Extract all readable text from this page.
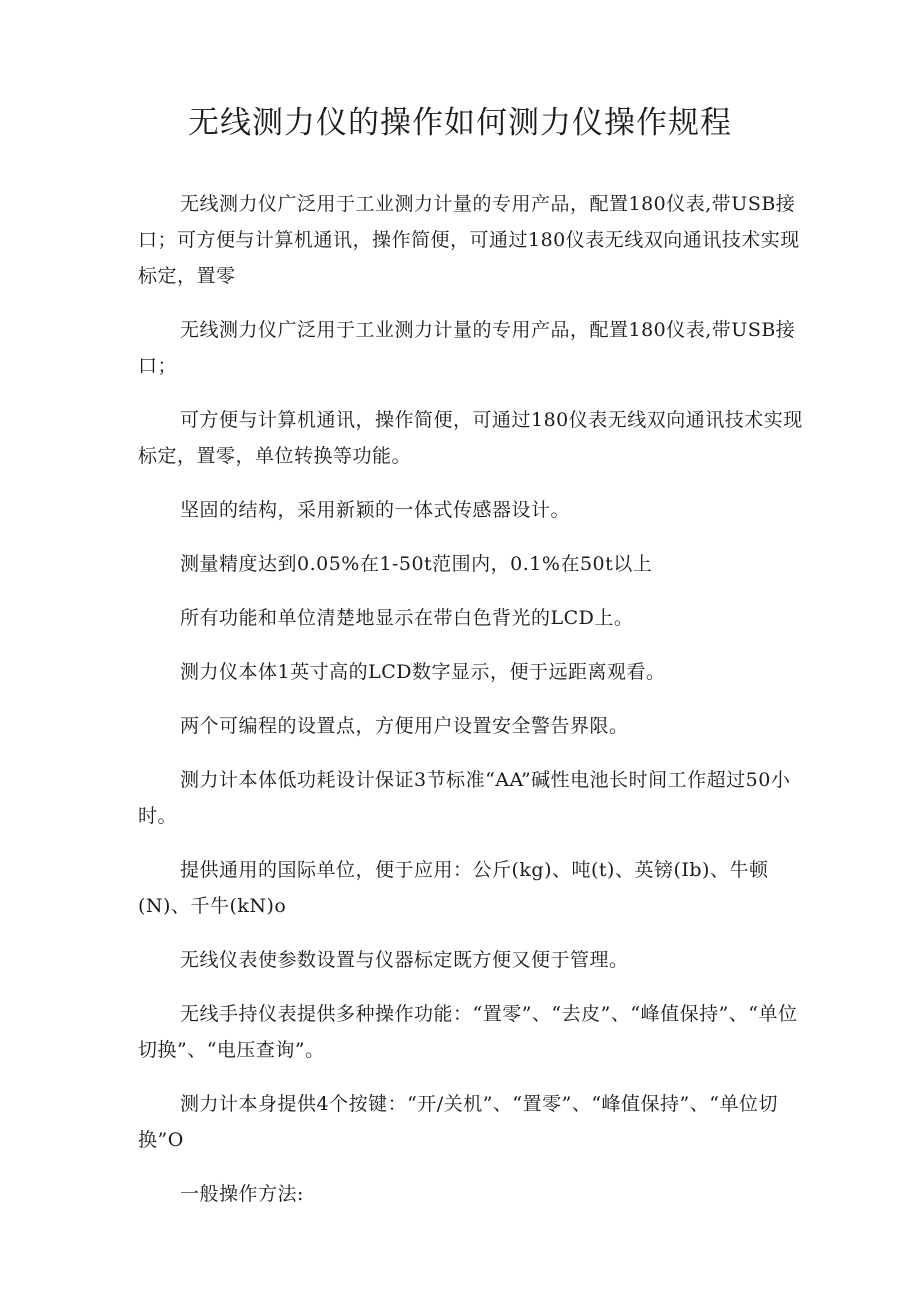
无线测力仪的操作如何测力仪操作规程

无线测力仪广泛用于工业测力计量的专用产品，配置180仪表,带USB接口；可方便与计算机通讯，操作简便，可通过180仪表无线双向通讯技术实现标定，置零

无线测力仪广泛用于工业测力计量的专用产品，配置180仪表,带USB接口；

可方便与计算机通讯，操作简便，可通过180仪表无线双向通讯技术实现标定，置零，单位转换等功能。

坚固的结构，采用新颖的一体式传感器设计。

测量精度达到0.05%在1-50t范围内，0.1%在50t以上

所有功能和单位清楚地显示在带白色背光的LCD上。

测力仪本体1英寸高的LCD数字显示，便于远距离观看。

两个可编程的设置点，方便用户设置安全警告界限。

测力计本体低功耗设计保证3节标准“AA”碱性电池长时间工作超过50小时。

提供通用的国际单位，便于应用：公斤(kg)、吨(t)、英镑(Ib)、牛顿(N)、千牛(kN)o

无线仪表使参数设置与仪器标定既方便又便于管理。

无线手持仪表提供多种操作功能：“置零”、“去皮”、“峰值保持”、“单位切换”、“电压查询”。

测力计本身提供4个按键：“开/关机”、“置零”、“峰值保持”、“单位切换”O

一般操作方法:
